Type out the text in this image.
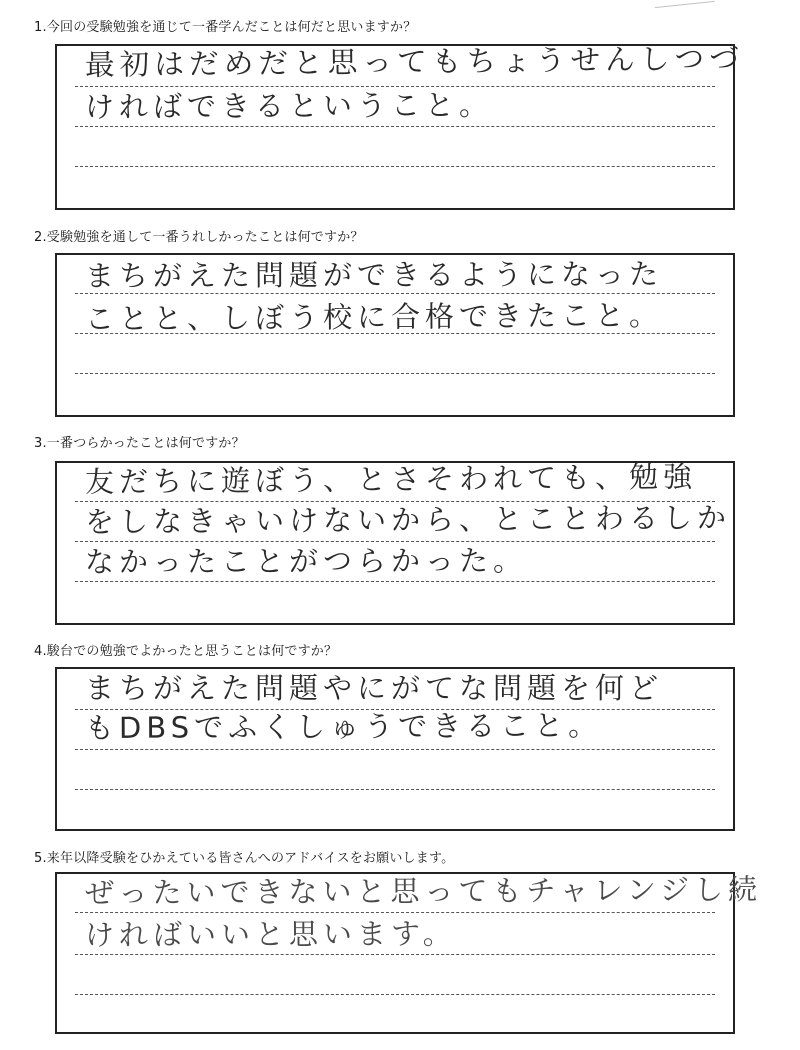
1.今回の受験勉強を通じて一番学んだことは何だと思いますか？
最初はだめだと思ってもちょうせんしつづ
ければできるということ。
2.受験勉強を通して一番うれしかったことは何ですか？
まちがえた問題ができるようになった
ことと、しぼう校に合格できたこと。
3.一番つらかったことは何ですか？
友だちに遊ぼう、とさそわれても、勉強
をしなきゃいけないから、とことわるしか
なかったことがつらかった。
4.駿台での勉強でよかったと思うことは何ですか？
まちがえた問題やにがてな問題を何ど
もDBSでふくしゅうできること。
5.来年以降受験をひかえている皆さんへのアドバイスをお願いします。
ぜったいできないと思ってもチャレンジし続
ければいいと思います。
